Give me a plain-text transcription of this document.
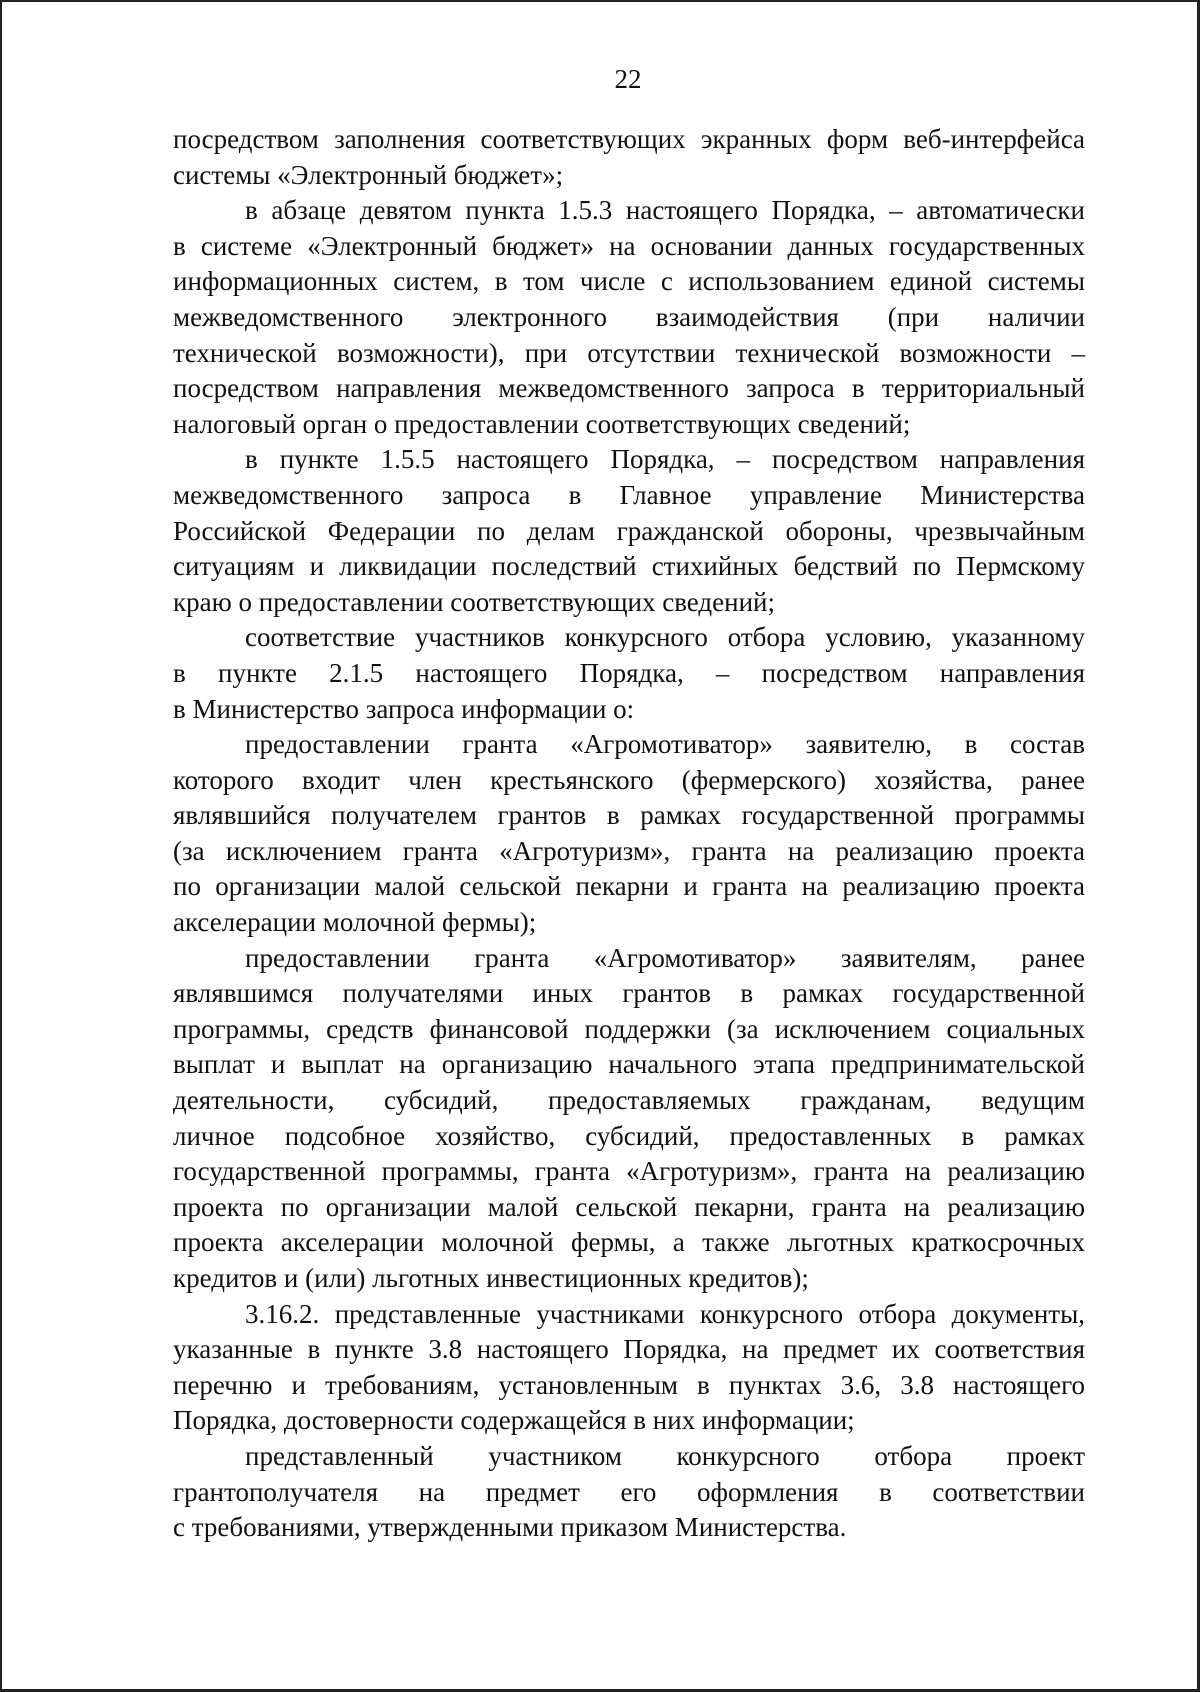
22

посредством заполнения соответствующих экранных форм веб-интерфейса
системы «Электронный бюджет»;

в абзаце девятом пункта 1.5.3 настоящего Порядка, – автоматически
в системе «Электронный бюджет» на основании данных государственных
информационных систем, в том числе с использованием единой системы
межведомственного электронного взаимодействия (при наличии
технической возможности), при отсутствии технической возможности –
посредством направления межведомственного запроса в территориальный
налоговый орган о предоставлении соответствующих сведений;

в пункте 1.5.5 настоящего Порядка, – посредством направления
межведомственного запроса в Главное управление Министерства
Российской Федерации по делам гражданской обороны, чрезвычайным
ситуациям и ликвидации последствий стихийных бедствий по Пермскому
краю о предоставлении соответствующих сведений;

соответствие участников конкурсного отбора условию, указанному
в пункте 2.1.5 настоящего Порядка, – посредством направления
в Министерство запроса информации о:

предоставлении гранта «Агромотиватор» заявителю, в состав
которого входит член крестьянского (фермерского) хозяйства, ранее
являвшийся получателем грантов в рамках государственной программы
(за исключением гранта «Агротуризм», гранта на реализацию проекта
по организации малой сельской пекарни и гранта на реализацию проекта
акселерации молочной фермы);

предоставлении гранта «Агромотиватор» заявителям, ранее
являвшимся получателями иных грантов в рамках государственной
программы, средств финансовой поддержки (за исключением социальных
выплат и выплат на организацию начального этапа предпринимательской
деятельности, субсидий, предоставляемых гражданам, ведущим
личное подсобное хозяйство, субсидий, предоставленных в рамках
государственной программы, гранта «Агротуризм», гранта на реализацию
проекта по организации малой сельской пекарни, гранта на реализацию
проекта акселерации молочной фермы, а также льготных краткосрочных
кредитов и (или) льготных инвестиционных кредитов);

3.16.2. представленные участниками конкурсного отбора документы,
указанные в пункте 3.8 настоящего Порядка, на предмет их соответствия
перечню и требованиям, установленным в пунктах 3.6, 3.8 настоящего
Порядка, достоверности содержащейся в них информации;

представленный участником конкурсного отбора проект
грантополучателя на предмет его оформления в соответствии
с требованиями, утвержденными приказом Министерства.
